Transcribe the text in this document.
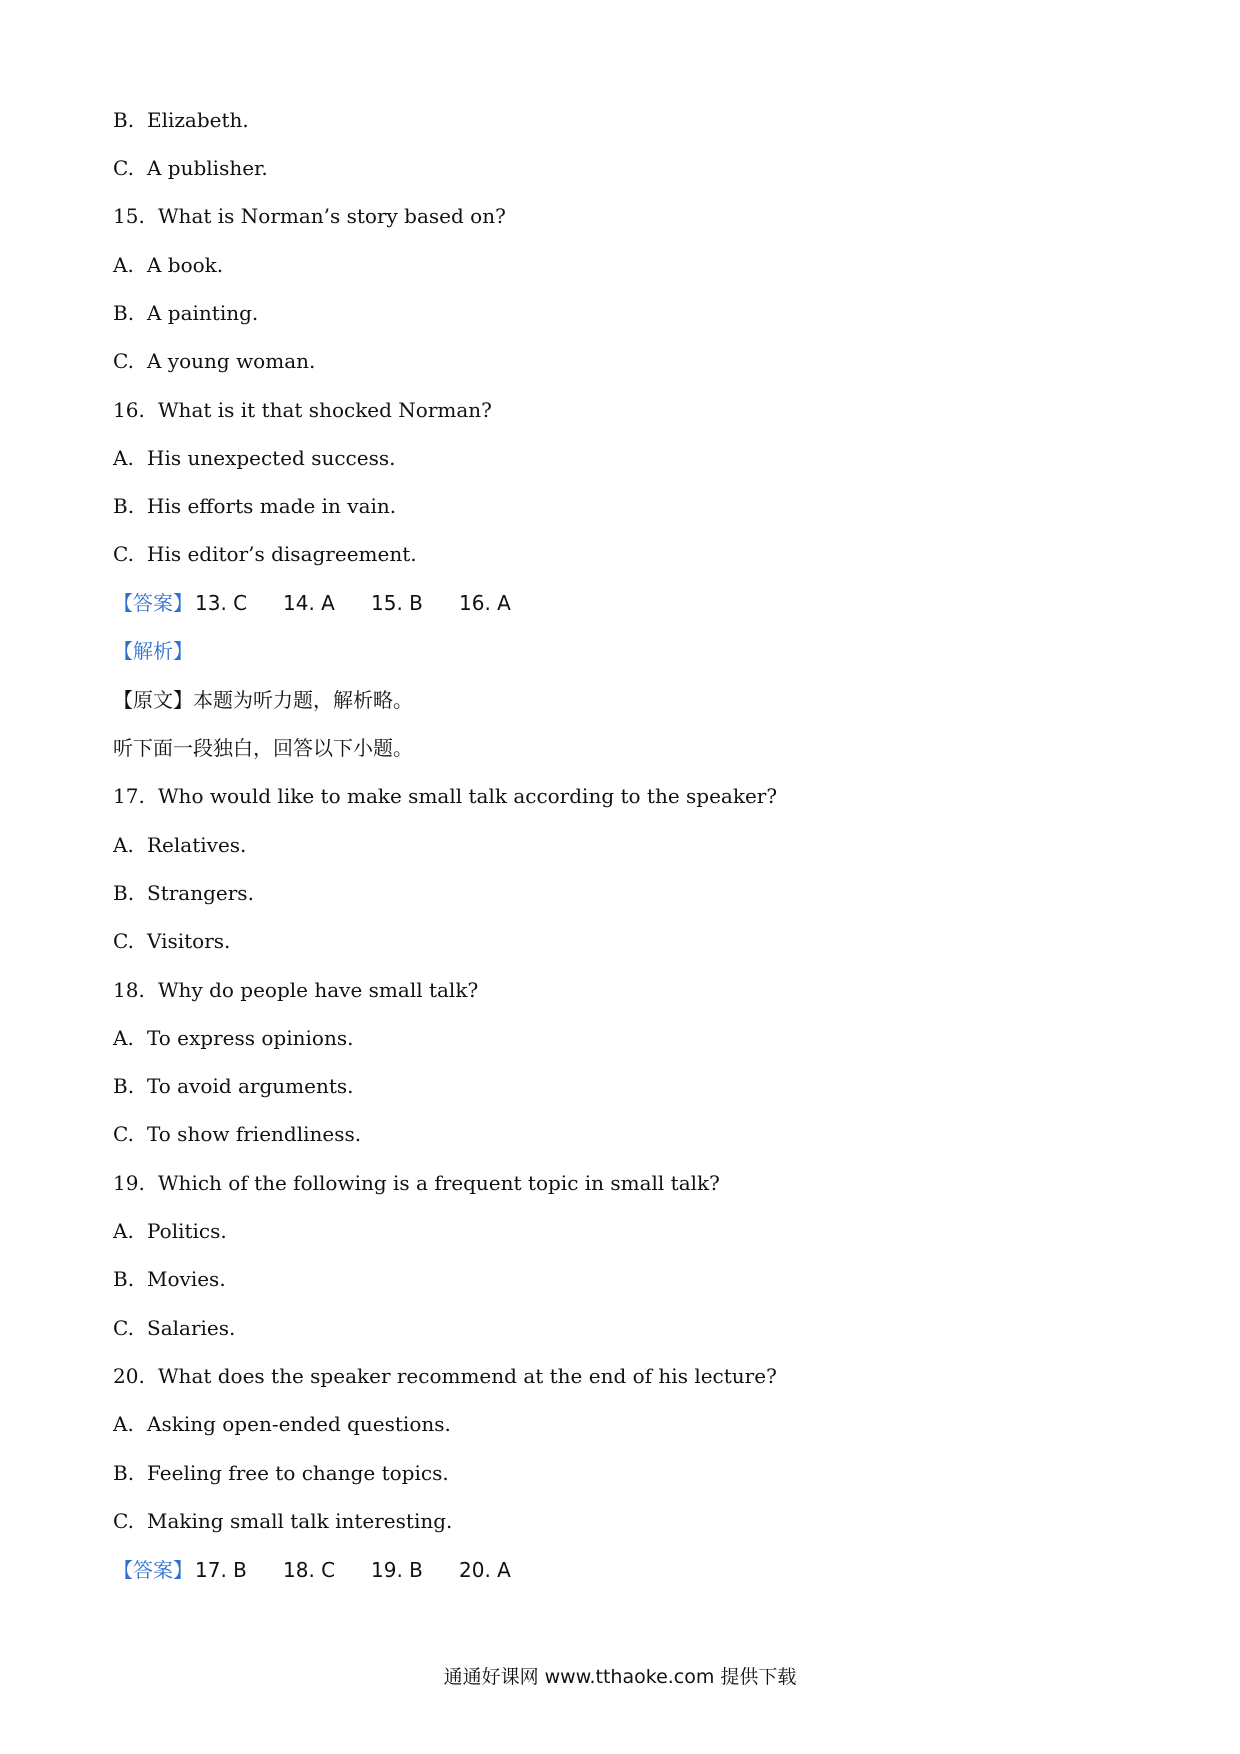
B. Elizabeth.
C. A publisher.
15. What is Norman’s story based on?
A. A book.
B. A painting.
C. A young woman.
16. What is it that shocked Norman?
A. His unexpected success.
B. His efforts made in vain.
C. His editor’s disagreement.
【答案】 13. C 14. A 15. B 16. A
【解析】
【原文】本题为听力题，解析略。
听下面一段独白，回答以下小题。
17. Who would like to make small talk according to the speaker?
A. Relatives.
B. Strangers.
C. Visitors.
18. Why do people have small talk?
A. To express opinions.
B. To avoid arguments.
C. To show friendliness.
19. Which of the following is a frequent topic in small talk?
A. Politics.
B. Movies.
C. Salaries.
20. What does the speaker recommend at the end of his lecture?
A. Asking open-ended questions.
B. Feeling free to change topics.
C. Making small talk interesting.
【答案】 17. B 18. C 19. B 20. A
通通好课网 www.tthaoke.com 提供下载
